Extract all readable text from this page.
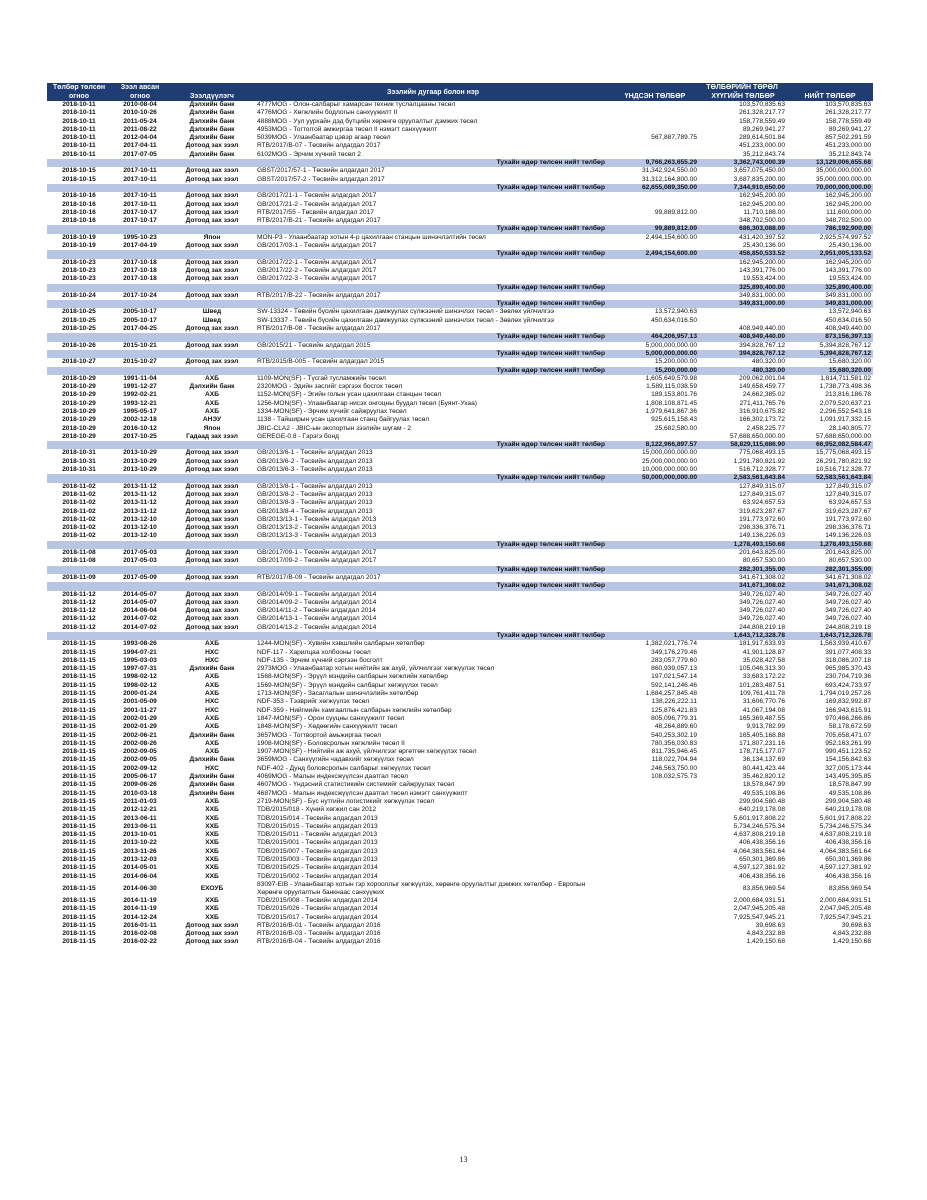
Төлбөр төлсөн огноо	Зээл авсан огноо	Зээлдүүлэгч	Зээлийн дугаар болон нэр	ТӨЛБӨРИЙН ТӨРӨЛ		
				ҮНДСЭН ТӨЛБӨР	ХҮҮГИЙН ТӨЛБӨР	НИЙТ ТӨЛБӨР
2018-10-11	2010-08-04	Дэлхийн банк	4777MOG - Олон-салбарыг хамарсан техник туслалцааны төсөл		103,570,835.63	103,570,835.63
2018-10-11	2010-10-26	Дэлхийн банк	4776MOG - Хөгжлийн бодлогын санхүүжилт II		261,328,217.77	261,328,217.77
2018-10-11	2011-05-24	Дэлхийн банк	4888MOG - Уул уурхайн дэд бүтцийн хөрөнгө оруулалтыг дэмжих төсөл		158,778,559.49	158,778,559.49
2018-10-11	2011-08-22	Дэлхийн банк	4953MOG - Тогтоггой амжиргаа төсөл II нэмэгт санхүүжилт		89,269,941.27	89,269,941.27
2018-10-11	2012-04-04	Дэлхийн банк	5039MOG - Улаанбаатар цэвэр агаар төсөл	567,887,789.75	289,614,501.84	857,502,291.59
2018-10-11	2017-04-11	Дотоод зах зээл	RTB/2017/B-07 - Төсвийн алдагдал 2017		451,233,000.00	451,233,000.00
2018-10-11	2017-07-05	Дэлхийн банк	6102MOG - Эрчим хүчний төсөл 2		35,212,843.74	35,212,843.74
Тухайн өдөр төлсөн нийт төлбөр				9,766,263,655.29	3,362,743,000.39	13,129,006,655.68
2018-10-15	2017-10-11	Дотоод зах зээл	GBST/2017/57-1 - Төсвийн алдагдал 2017	31,342,924,550.00	3,657,075,450.00	35,000,000,000.00
2018-10-15	2017-10-11	Дотоод зах зээл	GBST/2017/57-2 - Төсвийн алдагдал 2017	31,312,164,800.00	3,687,835,200.00	35,000,000,000.00
Тухайн өдөр төлсөн нийт төлбөр				62,655,089,350.00	7,344,910,650.00	70,000,000,000.00
2018-10-16	2017-10-11	Дотоод зах зээл	GB/2017/21-1 - Төсвийн алдагдал 2017		162,945,200.00	162,945,200.00
2018-10-16	2017-10-11	Дотоод зах зээл	GB/2017/21-2 - Төсвийн алдагдал 2017		162,945,200.00	162,945,200.00
2018-10-16	2017-10-17	Дотоод зах зээл	RTB/2017/55 - Төсвийн алдагдал 2017	99,889,812.00	11,710,188.00	111,600,000.00
2018-10-16	2017-10-17	Дотоод зах зээл	RTB/2017/B-21 - Төсвийн алдагдал 2017		348,702,500.00	348,702,500.00
Тухайн өдөр төлсөн нийт төлбөр				99,889,812.00	686,303,088.00	786,192,900.00
2018-10-19	1995-10-23	Япон	MON-P3 - Улаанбаатар хотын 4-р цахилгаан станцын шинэчлэлтийн төсөл	2,494,154,600.00	431,420,397.52	2,925,574,997.52
2018-10-19	2017-04-19	Дотоод зах зээл	GB/2017/03-1 - Төсвийн алдагдал 2017		25,430,136.00	25,430,136.00
Тухайн өдөр төлсөн нийт төлбөр				2,494,154,600.00	456,850,533.52	2,951,005,133.52
2018-10-23	2017-10-18	Дотоод зах зээл	GB/2017/22-1 - Төсвийн алдагдал 2017		162,945,200.00	162,945,200.00
2018-10-23	2017-10-18	Дотоод зах зээл	GB/2017/22-2 - Төсвийн алдагдал 2017		143,391,776.00	143,391,776.00
2018-10-23	2017-10-18	Дотоод зах зээл	GB/2017/22-3 - Төсвийн алдагдал 2017		19,553,424.00	19,553,424.00
Тухайн өдөр төлсөн нийт төлбөр					325,890,400.00	325,890,400.00
2018-10-24	2017-10-24	Дотоод зах зээл	RTB/2017/B-22 - Төсвийн алдагдал 2017		349,831,000.00	349,831,000.00
Тухайн өдөр төлсөн нийт төлбөр					349,831,000.00	349,831,000.00
2018-10-25	2005-10-17	Швед	SW-13324 - Төвийн бүсийн цахилгаан дамжуулах сүлжээний шинэчлэх төсөл - Зөвлөх үйлчилгээ	13,572,940.63		13,572,940.63
2018-10-25	2005-10-17	Швед	SW-13337 - Төвийн бүсийн цахилгаан дамжуулах сүлжээний шинэчлэх төсөл - Зөвлөх үйлчилгээ	450,634,016.50		450,634,016.50
2018-10-25	2017-04-25	Дотоод зах зээл	RTB/2017/B-08 - Төсвийн алдагдал 2017		408,949,440.00	408,949,440.00
Тухайн өдөр төлсөн нийт төлбөр				464,206,957.13	408,949,440.00	873,156,397.13
2018-10-26	2015-10-21	Дотоод зах зээл	GB/2015/21 - Төсвийн алдагдал 2015	5,000,000,000.00	394,828,767.12	5,394,828,767.12
Тухайн өдөр төлсөн нийт төлбөр				5,000,000,000.00	394,828,767.12	5,394,828,767.12
2018-10-27	2015-10-27	Дотоод зах зээл	RTB/2015/B-005 - Төсвийн алдагдал 2015	15,200,000.00	480,320.00	15,680,320.00
Тухайн өдөр төлсөн нийт төлбөр				15,200,000.00	480,320.00	15,680,320.00
2018-10-29	1991-11-04	АХБ	1109-MON(SF) - Түсгай тусламжийн төсөл	1,605,649,579.98	209,062,001.04	1,814,711,581.02
2018-10-29	1991-12-27	Дэлхийн банк	2320MOG - Эдийн засгийг сэргээх босгох төсөл	1,589,115,038.59	149,658,459.77	1,738,773,498.36
2018-10-29	1992-02-21	АХБ	1152-MON(SF) - Эгийн голын усан цахилгаан станцын төсөл	189,153,801.76	24,662,385.02	213,816,186.78
2018-10-29	1993-12-21	АХБ	1256-MON(SF) - Улаанбаатар нисэх онгоцны буудал төсөл (Буянт-Ухаа)	1,808,108,871.45	271,411,765.76	2,079,520,637.21
2018-10-29	1995-05-17	АХБ	1334-MON(SF) - Эрчим хүчийг сайжруулах төсөл	1,979,641,867.36	316,910,675.82	2,296,552,543.18
2018-10-29	2002-12-18	АНЭУ	1138 - Тайширын усан цахилгаан станц байгуулах төсөл	925,615,158.43	166,302,173.72	1,091,917,332.15
2018-10-29	2016-10-12	Япон	JBIC-CLA2 - JBIC-ын экспортын зээлийн шугам - 2	25,682,580.00	2,458,225.77	28,140,805.77
2018-10-29	2017-10-25	Гадаад зах зээл	GEREGE-0.8 - Гэрэгэ бонд		57,688,650,000.00	57,688,650,000.00
Тухайн өдөр төлсөн нийт төлбөр				8,122,966,897.57	58,829,115,686.90	66,952,082,584.47
2018-10-31	2013-10-29	Дотоод зах зээл	GB/2013/6-1 - Төсвийн алдагдал 2013	15,000,000,000.00	775,068,493.15	15,775,068,493.15
2018-10-31	2013-10-29	Дотоод зах зээл	GB/2013/6-2 - Төсвийн алдагдал 2013	25,000,000,000.00	1,291,780,821.92	26,291,780,821.92
2018-10-31	2013-10-29	Дотоод зах зээл	GB/2013/6-3 - Төсвийн алдагдал 2013	10,000,000,000.00	516,712,328.77	10,516,712,328.77
Тухайн өдөр төлсөн нийт төлбөр				50,000,000,000.00	2,583,561,643.84	52,583,561,643.84
2018-11-02	2013-11-12	Дотоод зах зээл	GB/2013/8-1 - Төсвийн алдагдал 2013		127,849,315.07	127,849,315.07
2018-11-02	2013-11-12	Дотоод зах зээл	GB/2013/8-2 - Төсвийн алдагдал 2013		127,849,315.07	127,849,315.07
2018-11-02	2013-11-12	Дотоод зах зээл	GB/2013/8-3 - Төсвийн алдагдал 2013		63,924,657.53	63,924,657.53
2018-11-02	2013-11-12	Дотоод зах зээл	GB/2013/8-4 - Төсвийн алдагдал 2013		319,623,287.67	319,623,287.67
2018-11-02	2013-12-10	Дотоод зах зээл	GB/2013/13-1 - Төсвийн алдагдал 2013		191,773,972.60	191,773,972.60
2018-11-02	2013-12-10	Дотоод зах зээл	GB/2013/13-2 - Төсвийн алдагдал 2013		298,336,376.71	298,336,376.71
2018-11-02	2013-12-10	Дотоод зах зээл	GB/2013/13-3 - Төсвийн алдагдал 2013		149,136,226.03	149,136,226.03
Тухайн өдөр төлсөн нийт төлбөр					1,278,493,150.68	1,278,493,150.68
2018-11-08	2017-05-03	Дотоод зах зээл	GB/2017/09-1 - Төсвийн алдагдал 2017		201,643,825.00	201,643,825.00
2018-11-08	2017-05-03	Дотоод зах зээл	GB/2017/09-2 - Төсвийн алдагдал 2017		80,657,530.00	80,657,530.00
Тухайн өдөр төлсөн нийт төлбөр					282,301,355.00	282,301,355.00
2018-11-09	2017-05-09	Дотоод зах зээл	RTB/2017/B-09 - Төсвийн алдагдал 2017		341,671,308.02	341,671,308.02
Тухайн өдөр төлсөн нийт төлбөр					341,671,308.02	341,671,308.02
2018-11-12	2014-05-07	Дотоод зах зээл	GB/2014/09-1 - Төсвийн алдагдал 2014		349,726,027.40	349,726,027.40
2018-11-12	2014-05-07	Дотоод зах зээл	GB/2014/09-2 - Төсвийн алдагдал 2014		349,726,027.40	349,726,027.40
2018-11-12	2014-06-04	Дотоод зах зээл	GB/2014/11-2 - Төсвийн алдагдал 2014		349,726,027.40	349,726,027.40
2018-11-12	2014-07-02	Дотоод зах зээл	GB/2014/13-1 - Төсвийн алдагдал 2014		349,726,027.40	349,726,027.40
2018-11-12	2014-07-02	Дотоод зах зээл	GB/2014/13-2 - Төсвийн алдагдал 2014		244,808,219.18	244,808,219.18
Тухайн өдөр төлсөн нийт төлбөр					1,643,712,328.78	1,643,712,328.78
2018-11-15	1993-08-26	АХБ	1244-MON(SF) - Хувийн хэвшлийн салбарын хөтөлбөр	1,382,021,776.74	181,917,633.93	1,563,939,410.67
2018-11-15	1994-07-21	НХС	NDF-117 - Харилцаа холбооны төсөл	349,176,279.46	41,901,128.87	391,077,408.33
2018-11-15	1995-03-03	НХС	NDF-135 - Эрчим хүчний сэргээн босголт	283,057,779.60	35,028,427.58	318,086,207.18
2018-11-15	1997-07-31	Дэлхийн банк	2973MOG - Улаанбаатар хотын нийтийн аж ахуй, үйлчилгээг хөгжүүлэх төсөл	860,939,057.13	105,046,313.30	965,985,370.43
2018-11-15	1998-02-12	АХБ	1568-MON(SF) - Эрүүл мэндийн салбарын хөгжлийн хөтөлбөр	197,021,547.14	33,683,172.22	230,704,719.36
2018-11-15	1998-02-12	АХБ	1569-MON(SF) - Эрүүл мэндийн салбарыг хөгжүүлэх төсөл	592,141,246.46	101,283,487.51	693,424,733.97
2018-11-15	2000-01-24	АХБ	1713-MON(SF) - Засаглалын шинэчлэлийн хөтөлбөр	1,684,257,845.48	109,761,411.78	1,794,019,257.26
2018-11-15	2001-05-09	НХС	NDF-353 - Тээврийг хөгжүүлэх төсөл	138,226,222.11	31,606,770.76	169,832,992.87
2018-11-15	2001-11-27	НХС	NDF-359 - Нийгмийн хамгааллын салбарын хөгжлийн хөтөлбөр	125,876,421.83	41,067,194.08	166,943,615.91
2018-11-15	2002-01-29	АХБ	1847-MON(SF) - Орон сууцны санхүүжилт төсөл	805,096,779.31	165,369,487.55	970,466,266.86
2018-11-15	2002-01-29	АХБ	1848-MON(SF) - Хөдөөгийн санхүүжилт төсөл	48,264,889.60	9,913,782.99	58,178,672.59
2018-11-15	2002-06-21	Дэлхийн банк	3657MOG - Тогтвортой амьжиргаа төсөл	540,253,302.19	165,405,168.88	705,658,471.07
2018-11-15	2002-08-26	АХБ	1908-MON(SF) - Боловсролын хөгжлийн төсөл II	780,356,030.83	171,807,231.16	952,163,261.99
2018-11-15	2002-09-05	АХБ	1907-MON(SF) - Нийтийн аж ахуй, үйлчилгээг өргөтгөн хөгжүүлэх төсөл	811,735,946.45	178,715,177.07	990,451,123.52
2018-11-15	2002-09-05	Дэлхийн банк	3659MOG - Санхүүгийн чадавхийг хөгжүүлэх төсөл	118,022,704.94	36,134,137.69	154,156,842.63
2018-11-15	2002-09-12	НХС	NDF-402 - Дунд боловсролын салбарыг хөгжүүлэх төсөл	246,563,750.00	80,441,423.44	327,005,173.44
2018-11-15	2005-06-17	Дэлхийн банк	4069MOG - Малын индексжүүлсэн даатгал төсөл	108,032,575.73	35,462,820.12	143,495,395.85
2018-11-15	2009-06-26	Дэлхийн банк	4607MOG - Үндэсний статистикийн системийг сайжруулах төсөл		18,578,847.99	18,578,847.99
2018-11-15	2010-03-18	Дэлхийн банк	4687MOG - Малын индексжүүлсэн даатгал төсөл нэмэгт санхүүжилт		49,535,108.86	49,535,108.86
2018-11-15	2011-01-03	АХБ	2719-MON(SF) - Бүс нутгийн логистикийг хөгжүүлэх төсөл		299,904,580.48	299,904,580.48
2018-11-15	2012-12-21	ХХБ	TDB/2015/018 - Хүний хөгжил сан 2012		640,219,178.08	640,219,178.08
2018-11-15	2013-06-11	ХХБ	TDB/2015/014 - Төсвийн алдагдал 2013		5,601,917,808.22	5,601,917,808.22
2018-11-15	2013-06-11	ХХБ	TDB/2015/015 - Төсвийн алдагдал 2013		5,734,246,575.34	5,734,246,575.34
2018-11-15	2013-10-01	ХХБ	TDB/2015/011 - Төсвийн алдагдал 2013		4,637,808,219.18	4,637,808,219.18
2018-11-15	2013-10-22	ХХБ	TDB/2015/001 - Төсвийн алдагдал 2013		406,438,356.16	406,438,356.16
2018-11-15	2013-11-26	ХХБ	TDB/2015/007 - Төсвийн алдагдал 2013		4,064,383,561.64	4,064,383,561.64
2018-11-15	2013-12-03	ХХБ	TDB/2015/003 - Төсвийн алдагдал 2013		650,301,369.86	650,301,369.86
2018-11-15	2014-05-01	ХХБ	TDB/2015/025 - Төсвийн алдагдал 2014		4,597,127,381.92	4,597,127,381.92
2018-11-15	2014-06-04	ХХБ	TDB/2015/002 - Төсвийн алдагдал 2014		406,438,356.16	406,438,356.16
2018-11-15	2014-06-30	ЕХОУБ	83097-EIB - Улаанбаатар хотын гэр хорооллыг хөгжүүлэх, хөрөнгө оруулалтыг дэмжих хөтөлбөр - Европын Хөрөнгө оруулалтын банкнаас санхүүжих		83,856,969.54	83,856,969.54
2018-11-15	2014-11-19	ХХБ	TDB/2015/008 - Төсвийн алдагдал 2014		2,000,684,931.51	2,000,684,931.51
2018-11-15	2014-11-19	ХХБ	TDB/2015/026 - Төсвийн алдагдал 2014		2,047,945,205.48	2,047,945,205.48
2018-11-15	2014-12-24	ХХБ	TDB/2015/017 - Төсвийн алдагдал 2014		7,925,547,945.21	7,925,547,945.21
2018-11-15	2016-01-11	Дотоод зах зээл	RTB/2016/B-01 - Төсвийн алдагдал 2016		39,698.63	39,698.63
2018-11-15	2016-02-08	Дотоод зах зээл	RTB/2016/B-03 - Төсвийн алдагдал 2016		4,843,232.88	4,843,232.88
2018-11-15	2016-02-22	Дотоод зах зээл	RTB/2016/B-04 - Төсвийн алдагдал 2016		1,429,150.68	1,429,150.68
13
